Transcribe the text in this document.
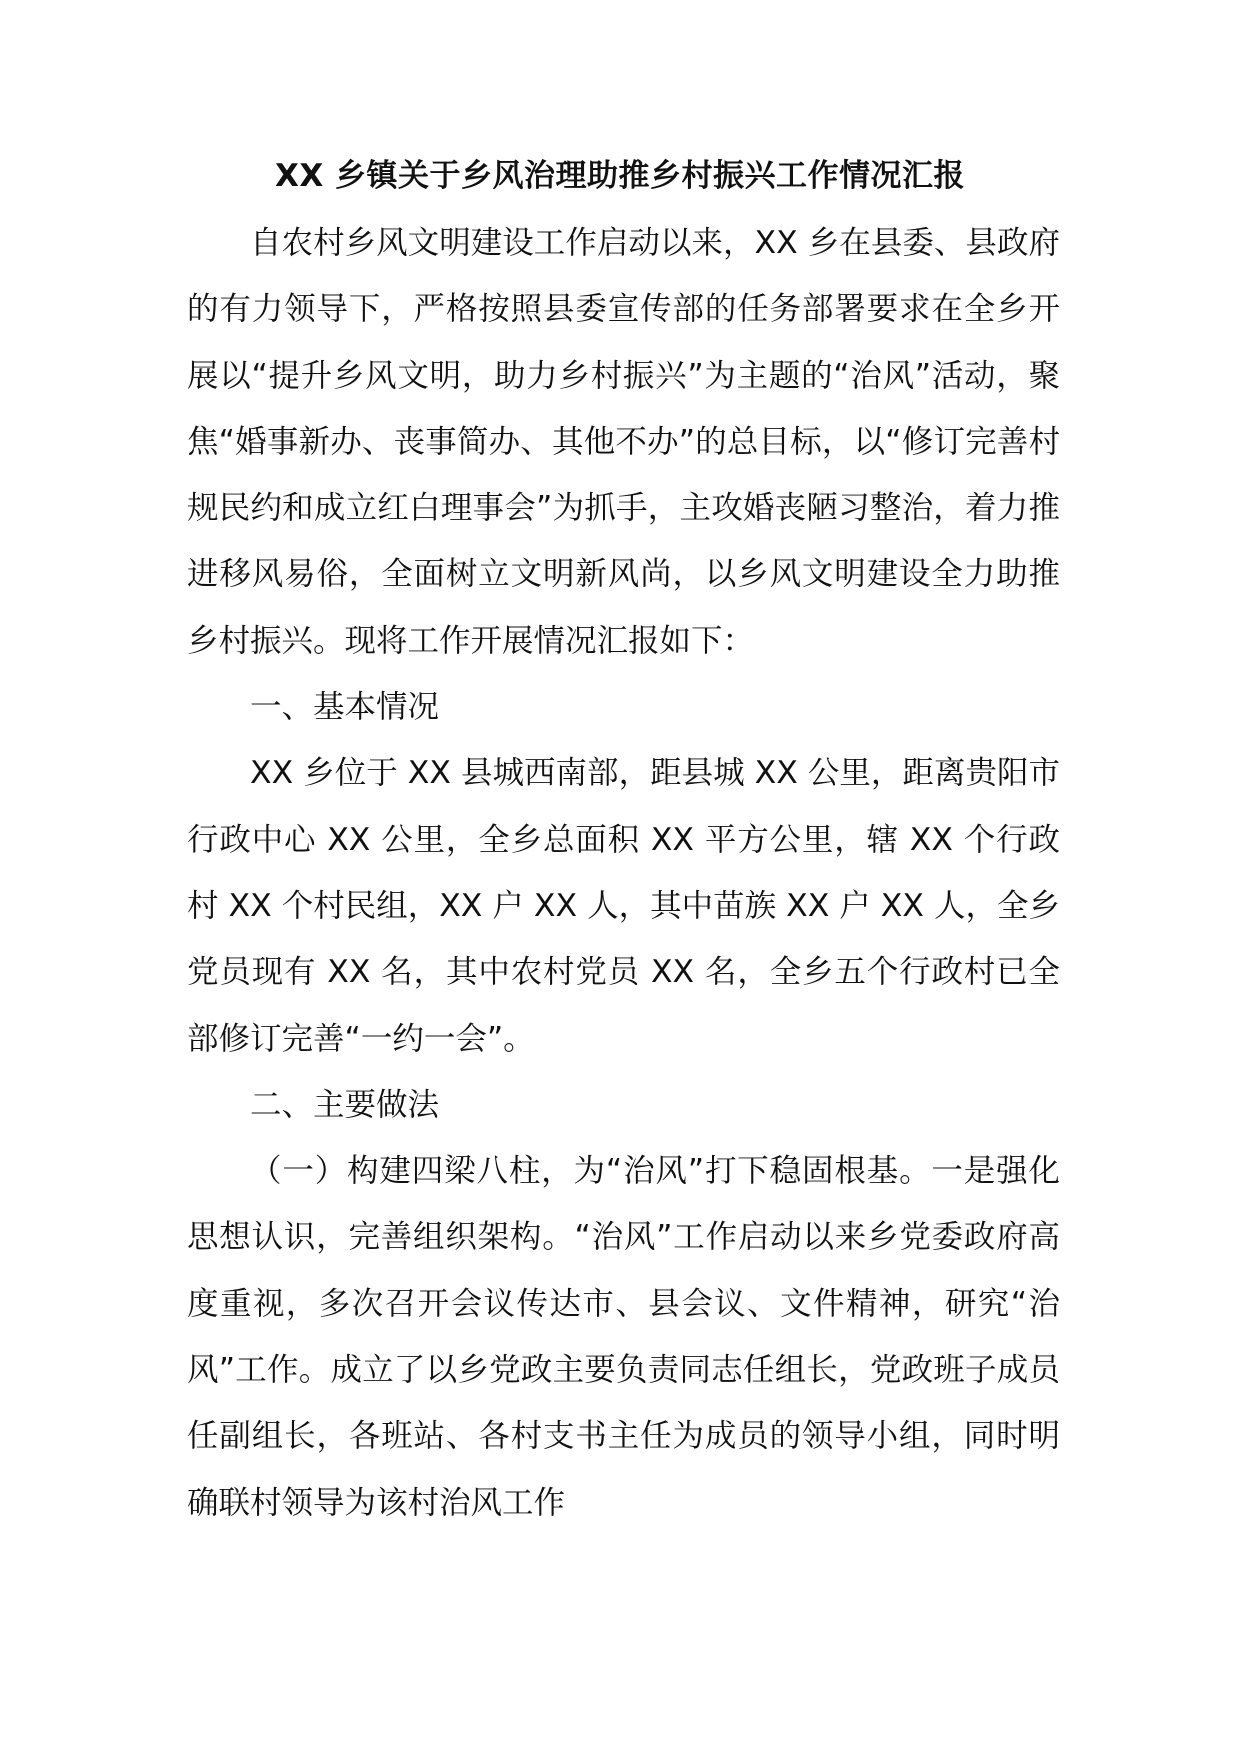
XX 乡镇关于乡风治理助推乡村振兴工作情况汇报

自农村乡风文明建设工作启动以来，XX 乡在县委、县政府的有力领导下，严格按照县委宣传部的任务部署要求在全乡开展以“提升乡风文明，助力乡村振兴”为主题的“治风”活动，聚焦“婚事新办、丧事简办、其他不办”的总目标，以“修订完善村规民约和成立红白理事会”为抓手，主攻婚丧陋习整治，着力推进移风易俗，全面树立文明新风尚，以乡风文明建设全力助推乡村振兴。现将工作开展情况汇报如下：

一、基本情况

XX 乡位于 XX 县城西南部，距县城 XX 公里，距离贵阳市行政中心 XX 公里，全乡总面积 XX 平方公里，辖 XX 个行政村 XX 个村民组，XX 户 XX 人，其中苗族 XX 户 XX 人，全乡党员现有 XX 名，其中农村党员 XX 名，全乡五个行政村已全部修订完善“一约一会”。

二、主要做法

（一）构建四梁八柱，为“治风”打下稳固根基。一是强化思想认识，完善组织架构。“治风”工作启动以来乡党委政府高度重视，多次召开会议传达市、县会议、文件精神，研究“治风”工作。成立了以乡党政主要负责同志任组长，党政班子成员任副组长，各班站、各村支书主任为成员的领导小组，同时明确联村领导为该村治风工作
